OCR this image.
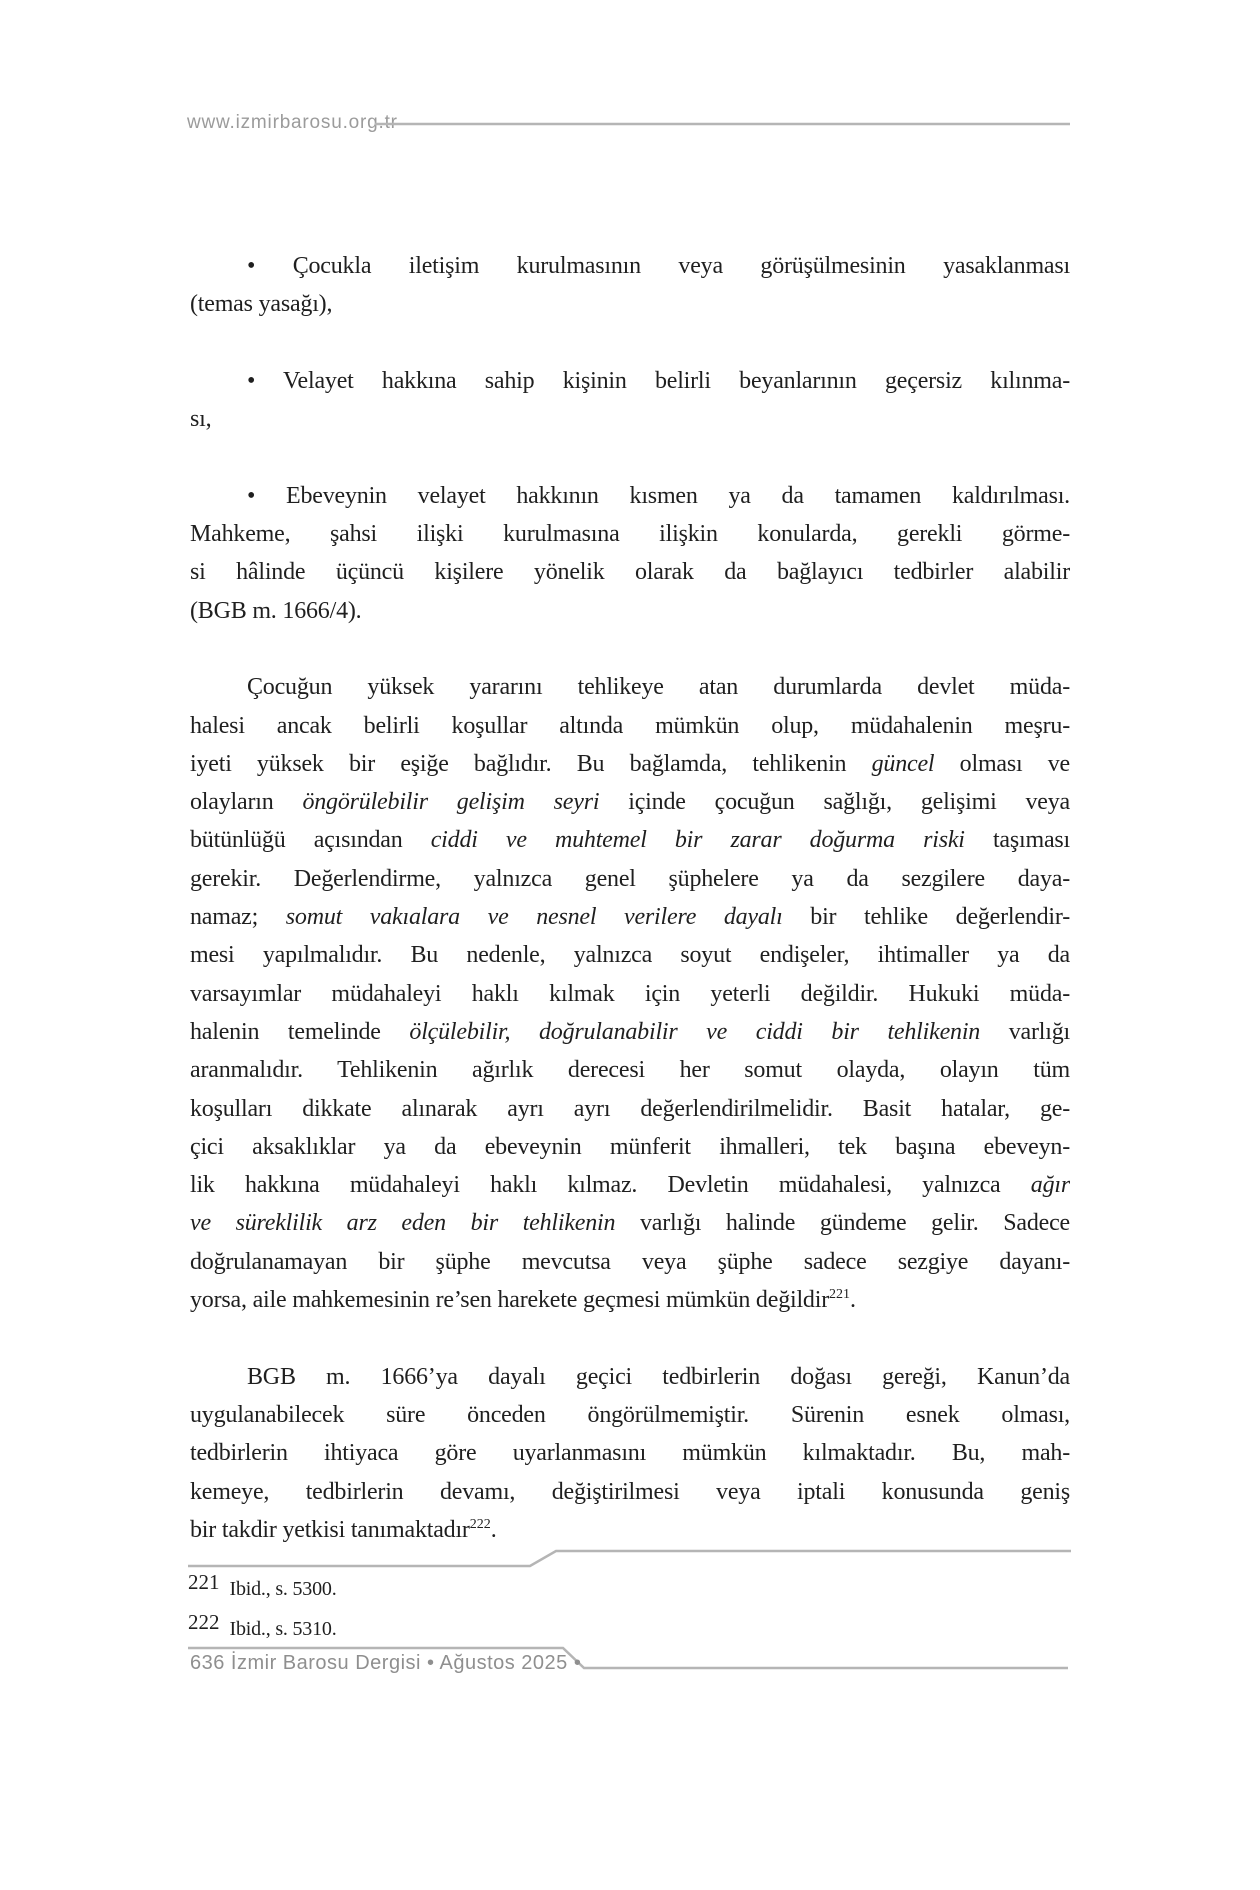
www.izmirbarosu.org.tr
• Çocukla iletişim kurulmasının veya görüşülmesinin yasaklanması
(temas yasağı),
• Velayet hakkına sahip kişinin belirli beyanlarının geçersiz kılınma-
sı,
• Ebeveynin velayet hakkının kısmen ya da tamamen kaldırılması.
Mahkeme, şahsi ilişki kurulmasına ilişkin konularda, gerekli görme-
si hâlinde üçüncü kişilere yönelik olarak da bağlayıcı tedbirler alabilir
(BGB m. 1666/4).
Çocuğun yüksek yararını tehlikeye atan durumlarda devlet müda-
halesi ancak belirli koşullar altında mümkün olup, müdahalenin meşru-
iyeti yüksek bir eşiğe bağlıdır. Bu bağlamda, tehlikenin güncel olması ve
olayların öngörülebilir gelişim seyri içinde çocuğun sağlığı, gelişimi veya
bütünlüğü açısından ciddi ve muhtemel bir zarar doğurma riski taşıması
gerekir. Değerlendirme, yalnızca genel şüphelere ya da sezgilere daya-
namaz; somut vakıalara ve nesnel verilere dayalı bir tehlike değerlendir-
mesi yapılmalıdır. Bu nedenle, yalnızca soyut endişeler, ihtimaller ya da
varsayımlar müdahaleyi haklı kılmak için yeterli değildir. Hukuki müda-
halenin temelinde ölçülebilir, doğrulanabilir ve ciddi bir tehlikenin varlığı
aranmalıdır. Tehlikenin ağırlık derecesi her somut olayda, olayın tüm
koşulları dikkate alınarak ayrı ayrı değerlendirilmelidir. Basit hatalar, ge-
çici aksaklıklar ya da ebeveynin münferit ihmalleri, tek başına ebeveyn-
lik hakkına müdahaleyi haklı kılmaz. Devletin müdahalesi, yalnızca ağır
ve süreklilik arz eden bir tehlikenin varlığı halinde gündeme gelir. Sadece
doğrulanamayan bir şüphe mevcutsa veya şüphe sadece sezgiye dayanı-
yorsa, aile mahkemesinin re’sen harekete geçmesi mümkün değildir$^{221}$.
BGB m. 1666’ya dayalı geçici tedbirlerin doğası gereği, Kanun’da
uygulanabilecek süre önceden öngörülmemiştir. Sürenin esnek olması,
tedbirlerin ihtiyaca göre uyarlanmasını mümkün kılmaktadır. Bu, mah-
kemeye, tedbirlerin devamı, değiştirilmesi veya iptali konusunda geniş
bir takdir yetkisi tanımaktadır$^{222}$.
221 Ibid., s. 5300.
222 Ibid., s. 5310.
636 İzmir Barosu Dergisi • Ağustos 2025 •
